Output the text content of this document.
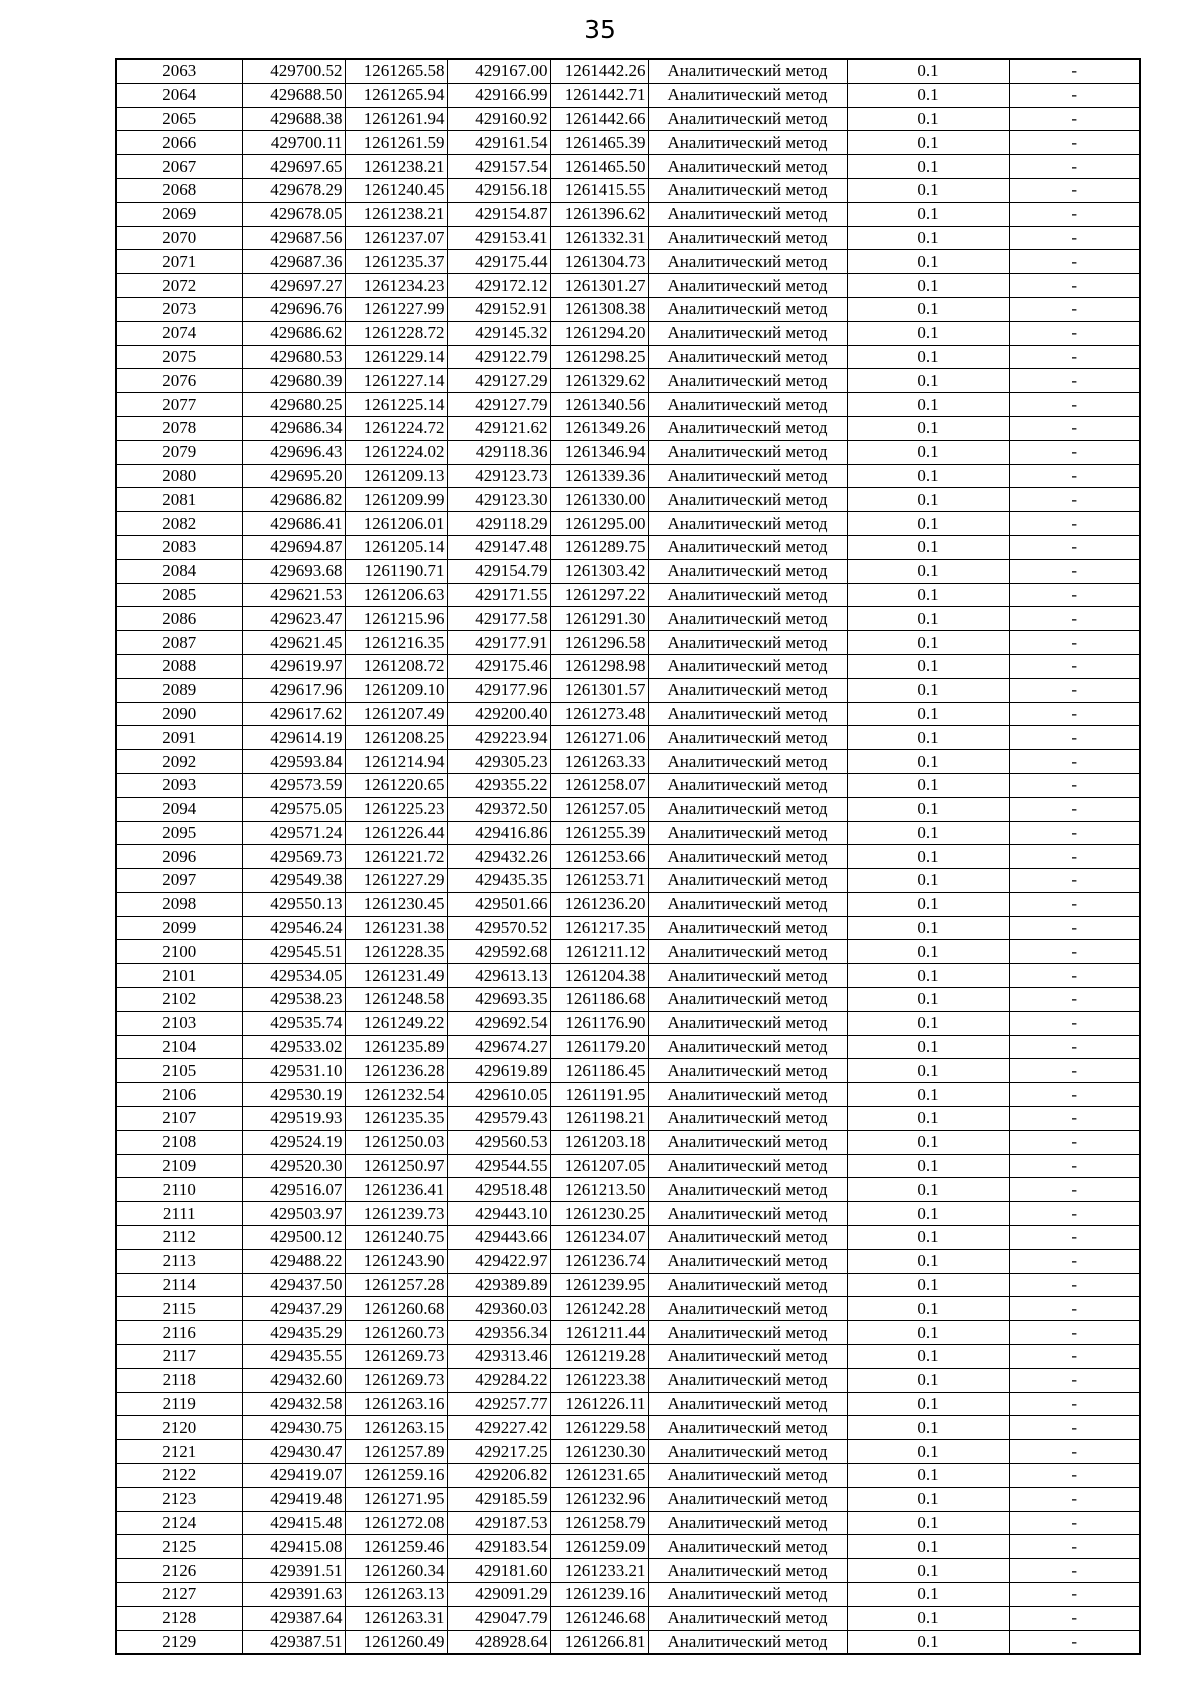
35
2063	429700.52	1261265.58	429167.00	1261442.26	Аналитический метод	0.1	-
2064	429688.50	1261265.94	429166.99	1261442.71	Аналитический метод	0.1	-
2065	429688.38	1261261.94	429160.92	1261442.66	Аналитический метод	0.1	-
2066	429700.11	1261261.59	429161.54	1261465.39	Аналитический метод	0.1	-
2067	429697.65	1261238.21	429157.54	1261465.50	Аналитический метод	0.1	-
2068	429678.29	1261240.45	429156.18	1261415.55	Аналитический метод	0.1	-
2069	429678.05	1261238.21	429154.87	1261396.62	Аналитический метод	0.1	-
2070	429687.56	1261237.07	429153.41	1261332.31	Аналитический метод	0.1	-
2071	429687.36	1261235.37	429175.44	1261304.73	Аналитический метод	0.1	-
2072	429697.27	1261234.23	429172.12	1261301.27	Аналитический метод	0.1	-
2073	429696.76	1261227.99	429152.91	1261308.38	Аналитический метод	0.1	-
2074	429686.62	1261228.72	429145.32	1261294.20	Аналитический метод	0.1	-
2075	429680.53	1261229.14	429122.79	1261298.25	Аналитический метод	0.1	-
2076	429680.39	1261227.14	429127.29	1261329.62	Аналитический метод	0.1	-
2077	429680.25	1261225.14	429127.79	1261340.56	Аналитический метод	0.1	-
2078	429686.34	1261224.72	429121.62	1261349.26	Аналитический метод	0.1	-
2079	429696.43	1261224.02	429118.36	1261346.94	Аналитический метод	0.1	-
2080	429695.20	1261209.13	429123.73	1261339.36	Аналитический метод	0.1	-
2081	429686.82	1261209.99	429123.30	1261330.00	Аналитический метод	0.1	-
2082	429686.41	1261206.01	429118.29	1261295.00	Аналитический метод	0.1	-
2083	429694.87	1261205.14	429147.48	1261289.75	Аналитический метод	0.1	-
2084	429693.68	1261190.71	429154.79	1261303.42	Аналитический метод	0.1	-
2085	429621.53	1261206.63	429171.55	1261297.22	Аналитический метод	0.1	-
2086	429623.47	1261215.96	429177.58	1261291.30	Аналитический метод	0.1	-
2087	429621.45	1261216.35	429177.91	1261296.58	Аналитический метод	0.1	-
2088	429619.97	1261208.72	429175.46	1261298.98	Аналитический метод	0.1	-
2089	429617.96	1261209.10	429177.96	1261301.57	Аналитический метод	0.1	-
2090	429617.62	1261207.49	429200.40	1261273.48	Аналитический метод	0.1	-
2091	429614.19	1261208.25	429223.94	1261271.06	Аналитический метод	0.1	-
2092	429593.84	1261214.94	429305.23	1261263.33	Аналитический метод	0.1	-
2093	429573.59	1261220.65	429355.22	1261258.07	Аналитический метод	0.1	-
2094	429575.05	1261225.23	429372.50	1261257.05	Аналитический метод	0.1	-
2095	429571.24	1261226.44	429416.86	1261255.39	Аналитический метод	0.1	-
2096	429569.73	1261221.72	429432.26	1261253.66	Аналитический метод	0.1	-
2097	429549.38	1261227.29	429435.35	1261253.71	Аналитический метод	0.1	-
2098	429550.13	1261230.45	429501.66	1261236.20	Аналитический метод	0.1	-
2099	429546.24	1261231.38	429570.52	1261217.35	Аналитический метод	0.1	-
2100	429545.51	1261228.35	429592.68	1261211.12	Аналитический метод	0.1	-
2101	429534.05	1261231.49	429613.13	1261204.38	Аналитический метод	0.1	-
2102	429538.23	1261248.58	429693.35	1261186.68	Аналитический метод	0.1	-
2103	429535.74	1261249.22	429692.54	1261176.90	Аналитический метод	0.1	-
2104	429533.02	1261235.89	429674.27	1261179.20	Аналитический метод	0.1	-
2105	429531.10	1261236.28	429619.89	1261186.45	Аналитический метод	0.1	-
2106	429530.19	1261232.54	429610.05	1261191.95	Аналитический метод	0.1	-
2107	429519.93	1261235.35	429579.43	1261198.21	Аналитический метод	0.1	-
2108	429524.19	1261250.03	429560.53	1261203.18	Аналитический метод	0.1	-
2109	429520.30	1261250.97	429544.55	1261207.05	Аналитический метод	0.1	-
2110	429516.07	1261236.41	429518.48	1261213.50	Аналитический метод	0.1	-
2111	429503.97	1261239.73	429443.10	1261230.25	Аналитический метод	0.1	-
2112	429500.12	1261240.75	429443.66	1261234.07	Аналитический метод	0.1	-
2113	429488.22	1261243.90	429422.97	1261236.74	Аналитический метод	0.1	-
2114	429437.50	1261257.28	429389.89	1261239.95	Аналитический метод	0.1	-
2115	429437.29	1261260.68	429360.03	1261242.28	Аналитический метод	0.1	-
2116	429435.29	1261260.73	429356.34	1261211.44	Аналитический метод	0.1	-
2117	429435.55	1261269.73	429313.46	1261219.28	Аналитический метод	0.1	-
2118	429432.60	1261269.73	429284.22	1261223.38	Аналитический метод	0.1	-
2119	429432.58	1261263.16	429257.77	1261226.11	Аналитический метод	0.1	-
2120	429430.75	1261263.15	429227.42	1261229.58	Аналитический метод	0.1	-
2121	429430.47	1261257.89	429217.25	1261230.30	Аналитический метод	0.1	-
2122	429419.07	1261259.16	429206.82	1261231.65	Аналитический метод	0.1	-
2123	429419.48	1261271.95	429185.59	1261232.96	Аналитический метод	0.1	-
2124	429415.48	1261272.08	429187.53	1261258.79	Аналитический метод	0.1	-
2125	429415.08	1261259.46	429183.54	1261259.09	Аналитический метод	0.1	-
2126	429391.51	1261260.34	429181.60	1261233.21	Аналитический метод	0.1	-
2127	429391.63	1261263.13	429091.29	1261239.16	Аналитический метод	0.1	-
2128	429387.64	1261263.31	429047.79	1261246.68	Аналитический метод	0.1	-
2129	429387.51	1261260.49	428928.64	1261266.81	Аналитический метод	0.1	-
